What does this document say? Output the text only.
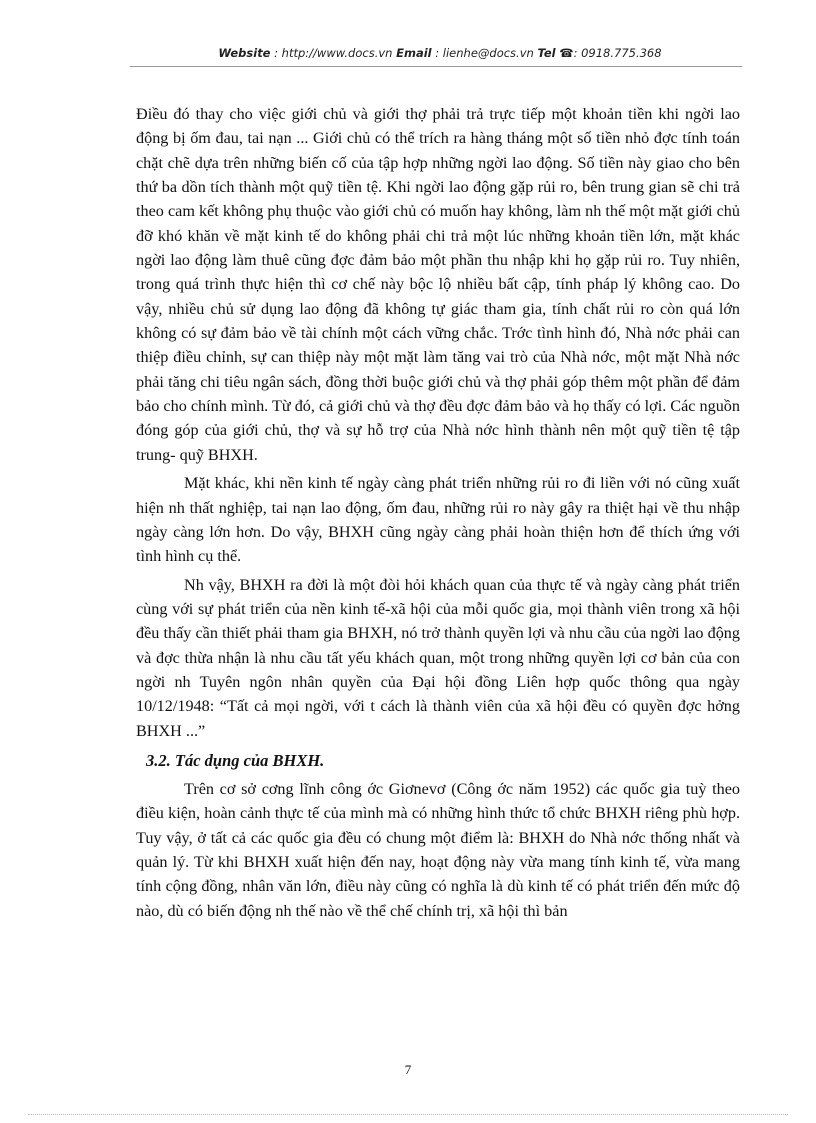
Website : http://www.docs.vn Email : lienhe@docs.vn Tel ☎: 0918.775.368

Điều đó thay cho việc giới chủ và giới thợ phải trả trực tiếp một khoản tiền khi ngời lao động bị ốm đau, tai nạn ... Giới chủ có thể trích ra hàng tháng một số tiền nhỏ đợc tính toán chặt chẽ dựa trên những biến cố của tập hợp những ngời lao động. Số tiền này giao cho bên thứ ba dồn tích thành một quỹ tiền tệ. Khi ngời lao động gặp rủi ro, bên trung gian sẽ chi trả theo cam kết không phụ thuộc vào giới chủ có muốn hay không, làm nh thế một mặt giới chủ đỡ khó khăn về mặt kinh tế do không phải chi trả một lúc những khoản tiền lớn, mặt khác ngời lao động làm thuê cũng đợc đảm bảo một phần thu nhập khi họ gặp rủi ro. Tuy nhiên, trong quá trình thực hiện thì cơ chế này bộc lộ nhiều bất cập, tính pháp lý không cao. Do vậy, nhiều chủ sử dụng lao động đã không tự giác tham gia, tính chất rủi ro còn quá lớn không có sự đảm bảo về tài chính một cách vững chắc. Trớc tình hình đó, Nhà nớc phải can thiệp điều chỉnh, sự can thiệp này một mặt làm tăng vai trò của Nhà nớc, một mặt Nhà nớc phải tăng chi tiêu ngân sách, đồng thời buộc giới chủ và thợ phải góp thêm một phần để đảm bảo cho chính mình. Từ đó, cả giới chủ và thợ đều đợc đảm bảo và họ thấy có lợi. Các nguồn đóng góp của giới chủ, thợ và sự hỗ trợ của Nhà nớc hình thành nên một quỹ tiền tệ tập trung- quỹ BHXH.

Mặt khác, khi nền kinh tế ngày càng phát triển những rủi ro đi liền với nó cũng xuất hiện nh thất nghiệp, tai nạn lao động, ốm đau, những rủi ro này gây ra thiệt hại về thu nhập ngày càng lớn hơn. Do vậy, BHXH cũng ngày càng phải hoàn thiện hơn để thích ứng với tình hình cụ thể.

Nh vậy, BHXH ra đời là một đòi hỏi khách quan của thực tế và ngày càng phát triển cùng với sự phát triển của nền kinh tế-xã hội của mỗi quốc gia, mọi thành viên trong xã hội đều thấy cần thiết phải tham gia BHXH, nó trở thành quyền lợi và nhu cầu của ngời lao động và đợc thừa nhận là nhu cầu tất yếu khách quan, một trong những quyền lợi cơ bản của con ngời nh Tuyên ngôn nhân quyền của Đại hội đồng Liên hợp quốc thông qua ngày 10/12/1948: “Tất cả mọi ngời, với t cách là thành viên của xã hội đều có quyền đợc hởng BHXH ...”

3.2. Tác dụng của BHXH.

Trên cơ sở cơng lĩnh công ớc Giơnevơ (Công ớc năm 1952) các quốc gia tuỳ theo điều kiện, hoàn cảnh thực tế của mình mà có những hình thức tổ chức BHXH riêng phù hợp. Tuy vậy, ở tất cả các quốc gia đều có chung một điểm là: BHXH do Nhà nớc thống nhất và quản lý. Từ khi BHXH xuất hiện đến nay, hoạt động này vừa mang tính kinh tế, vừa mang tính cộng đồng, nhân văn lớn, điều này cũng có nghĩa là dù kinh tế có phát triển đến mức độ nào, dù có biến động nh thế nào về thể chế chính trị, xã hội thì bản

7
